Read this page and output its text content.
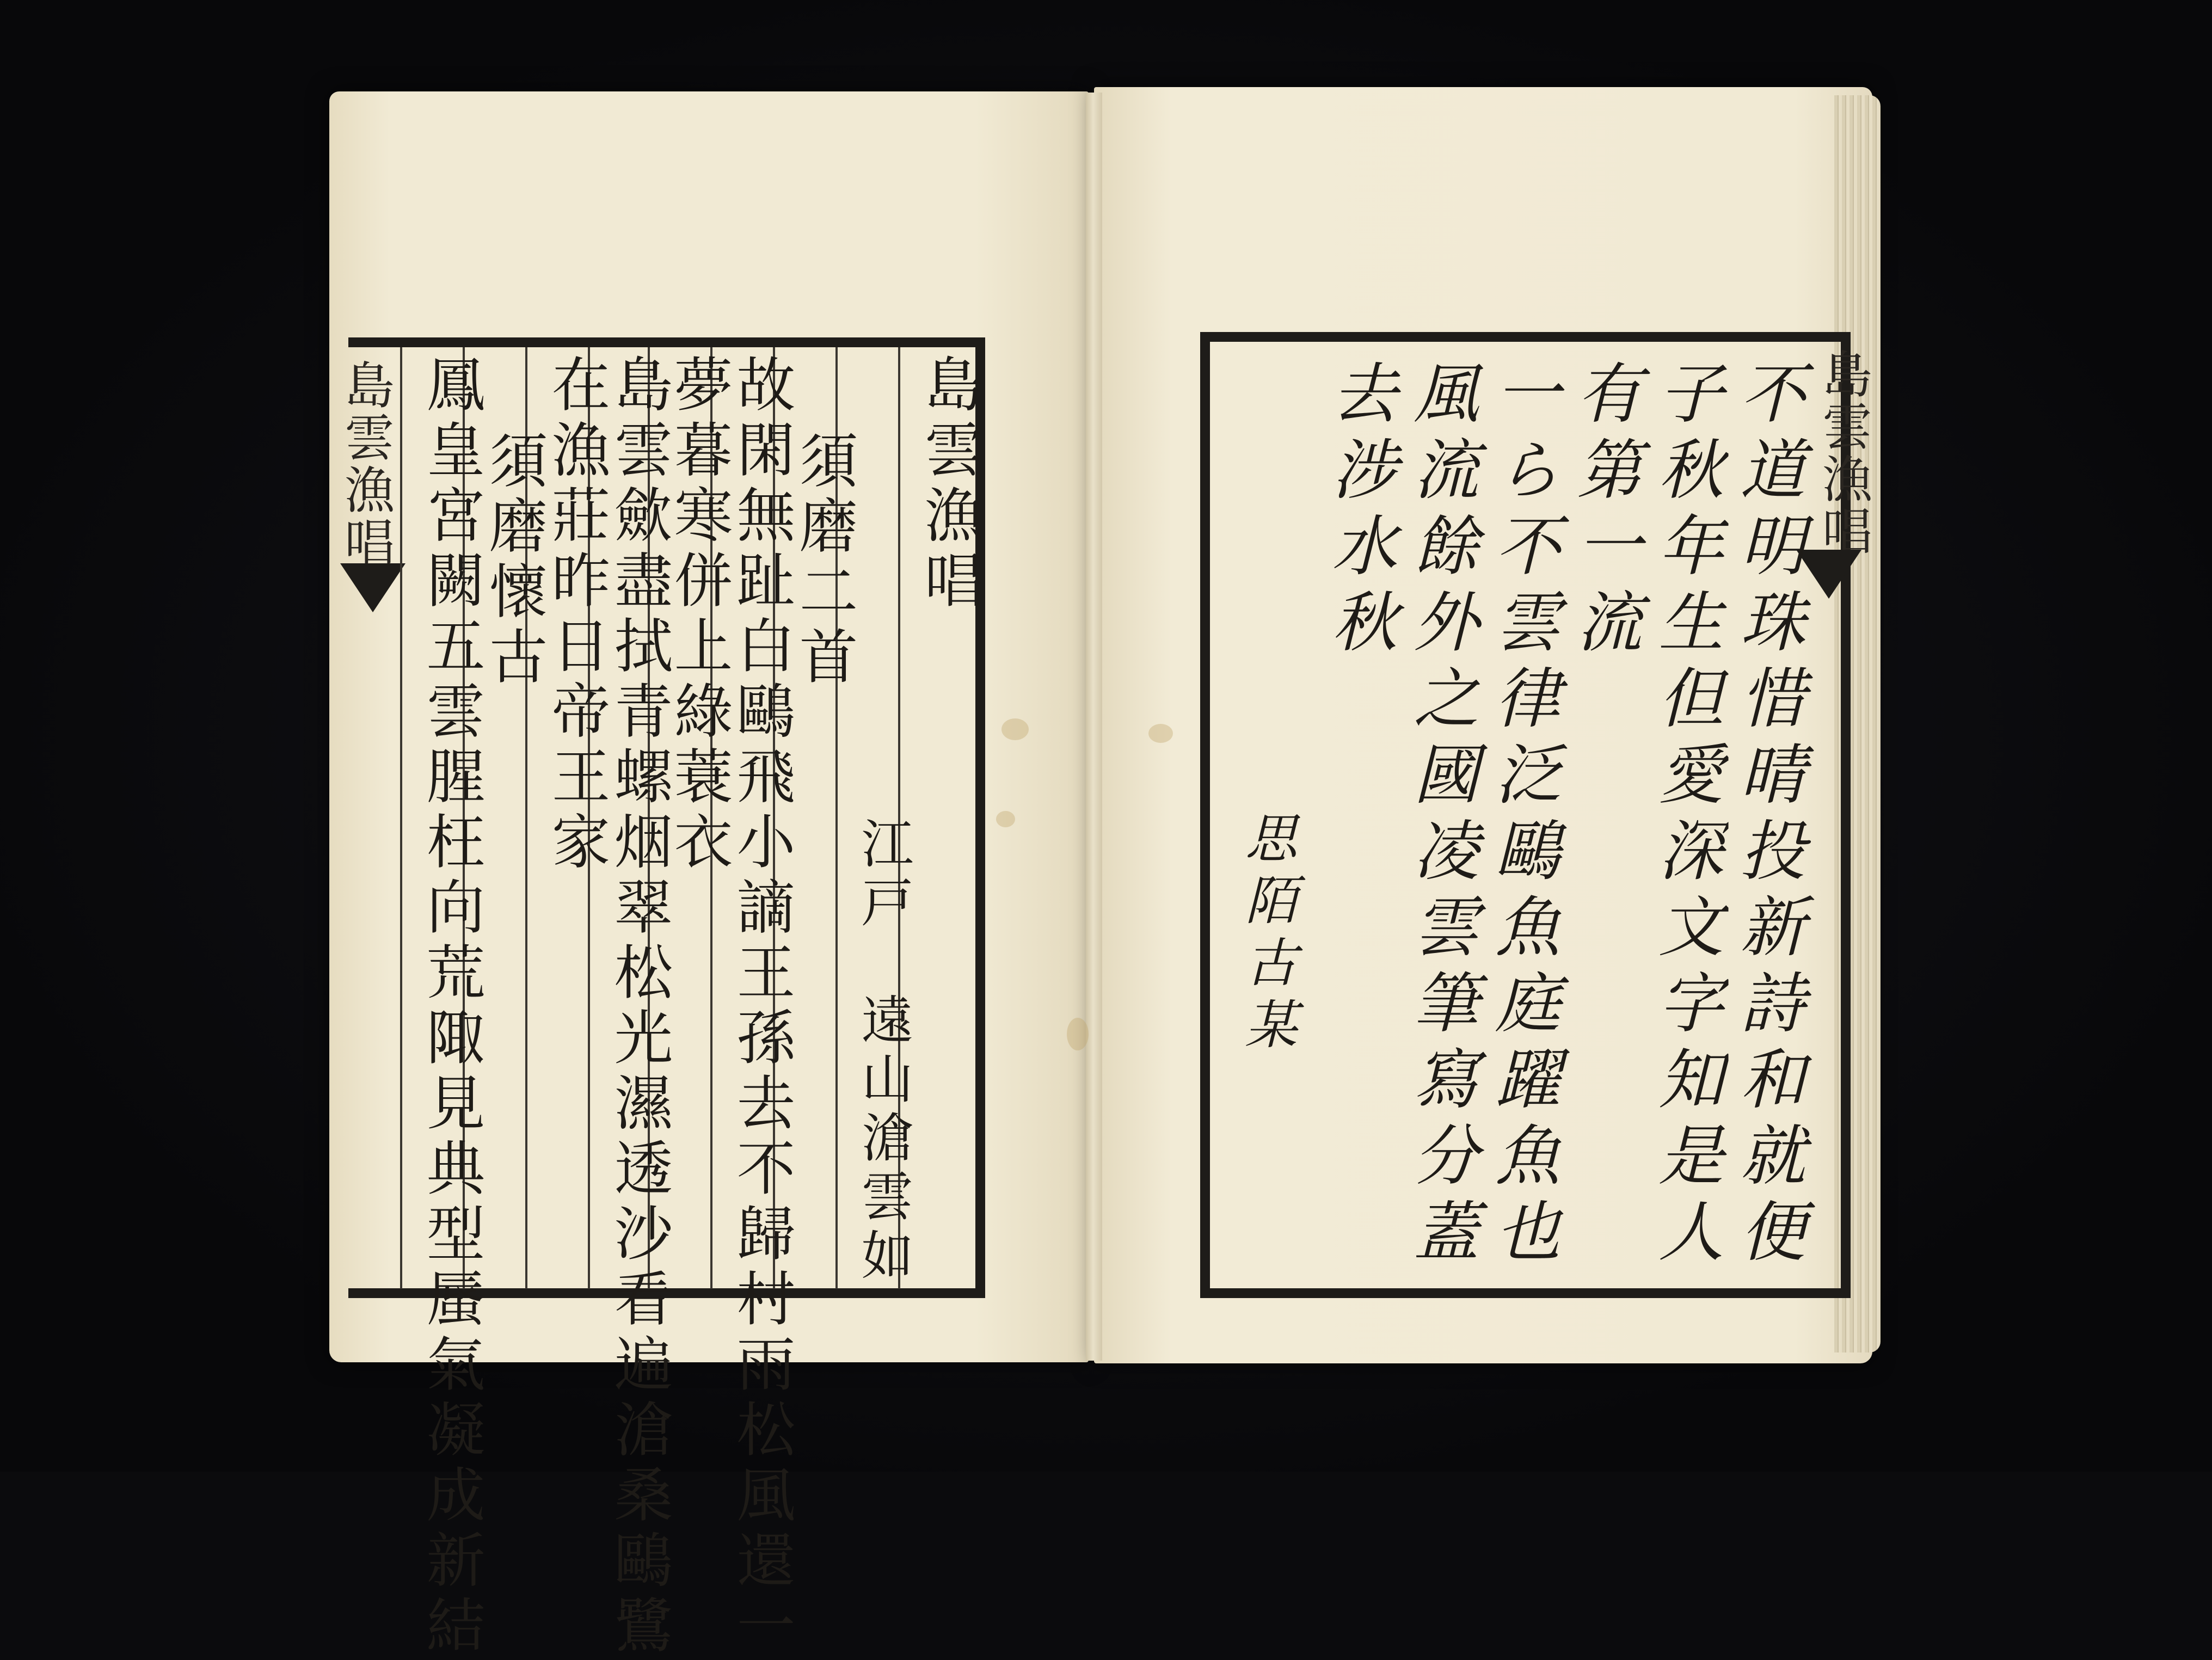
島雲漁唱	島雲漁唱
江戸　遠山滄雲如
須磨二首
故閑無趾白鷗飛小謫王孫去不歸村雨松風還一
夢暮寒併上綠蓑衣
島雲歛盡拭青螺烟翠松光濕透沙看遍滄桑鷗鷺
在漁莊昨日帝王家
須磨懷古
鳳皇宮闕五雲腥枉向荒陬見典型蜃氣凝成新結	島雲漁唱
不道明珠惜晴投新詩和就便
子秋年生但愛深文字知是人
有第一流
一ら不雲律泛鷗魚庭躍魚也
風流餘外之國凌雲筆寫分蓋
去涉水秋
思陌古某
